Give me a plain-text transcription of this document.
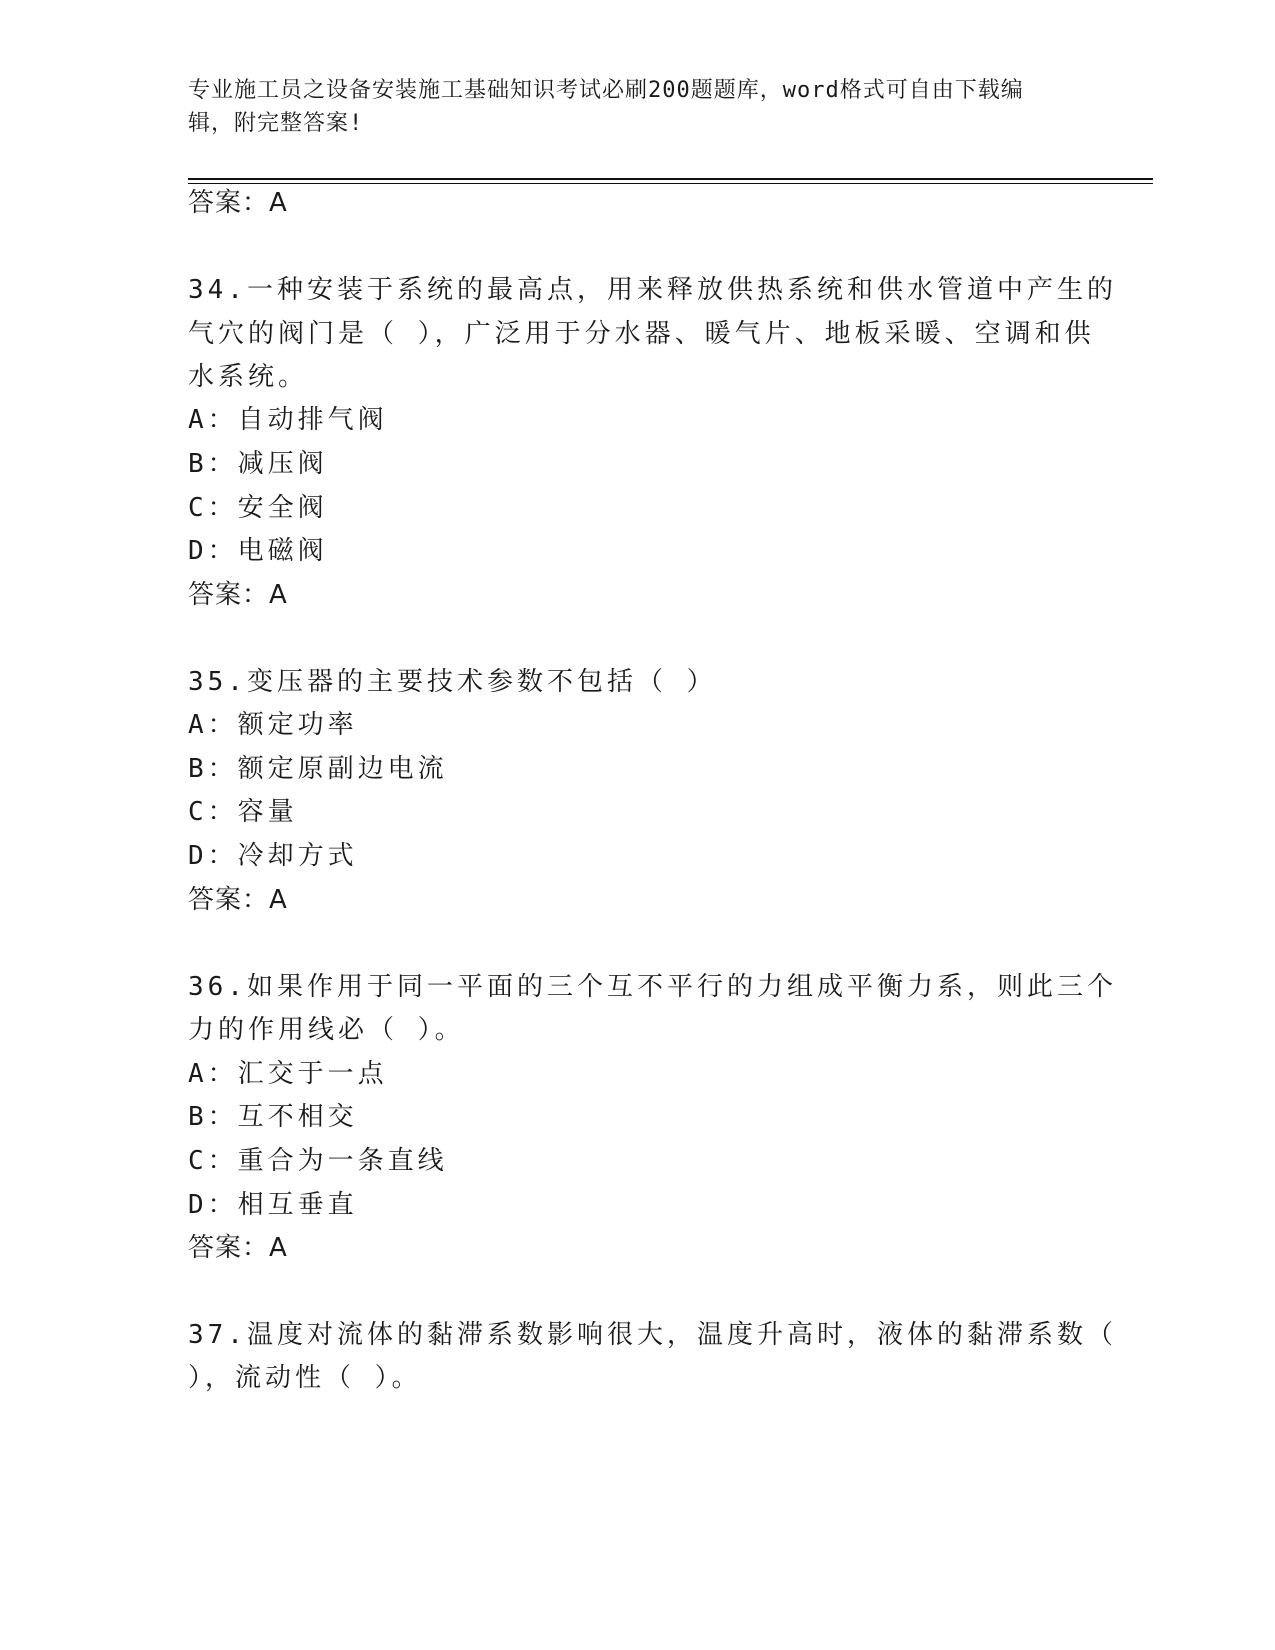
专业施工员之设备安装施工基础知识考试必刷200题题库，word格式可自由下载编辑，附完整答案!
答案：A
34.一种安装于系统的最高点，用来释放供热系统和供水管道中产生的
气穴的阀门是（ ），广泛用于分水器、暖气片、地板采暖、空调和供
水系统。
A：自动排气阀
B：减压阀
C：安全阀
D：电磁阀
答案：A
35.变压器的主要技术参数不包括（ ）
A：额定功率
B：额定原副边电流
C：容量
D：冷却方式
答案：A
36.如果作用于同一平面的三个互不平行的力组成平衡力系，则此三个
力的作用线必（ ）。
A：汇交于一点
B：互不相交
C：重合为一条直线
D：相互垂直
答案：A
37.温度对流体的黏滞系数影响很大，温度升高时，液体的黏滞系数（
），流动性（ ）。
